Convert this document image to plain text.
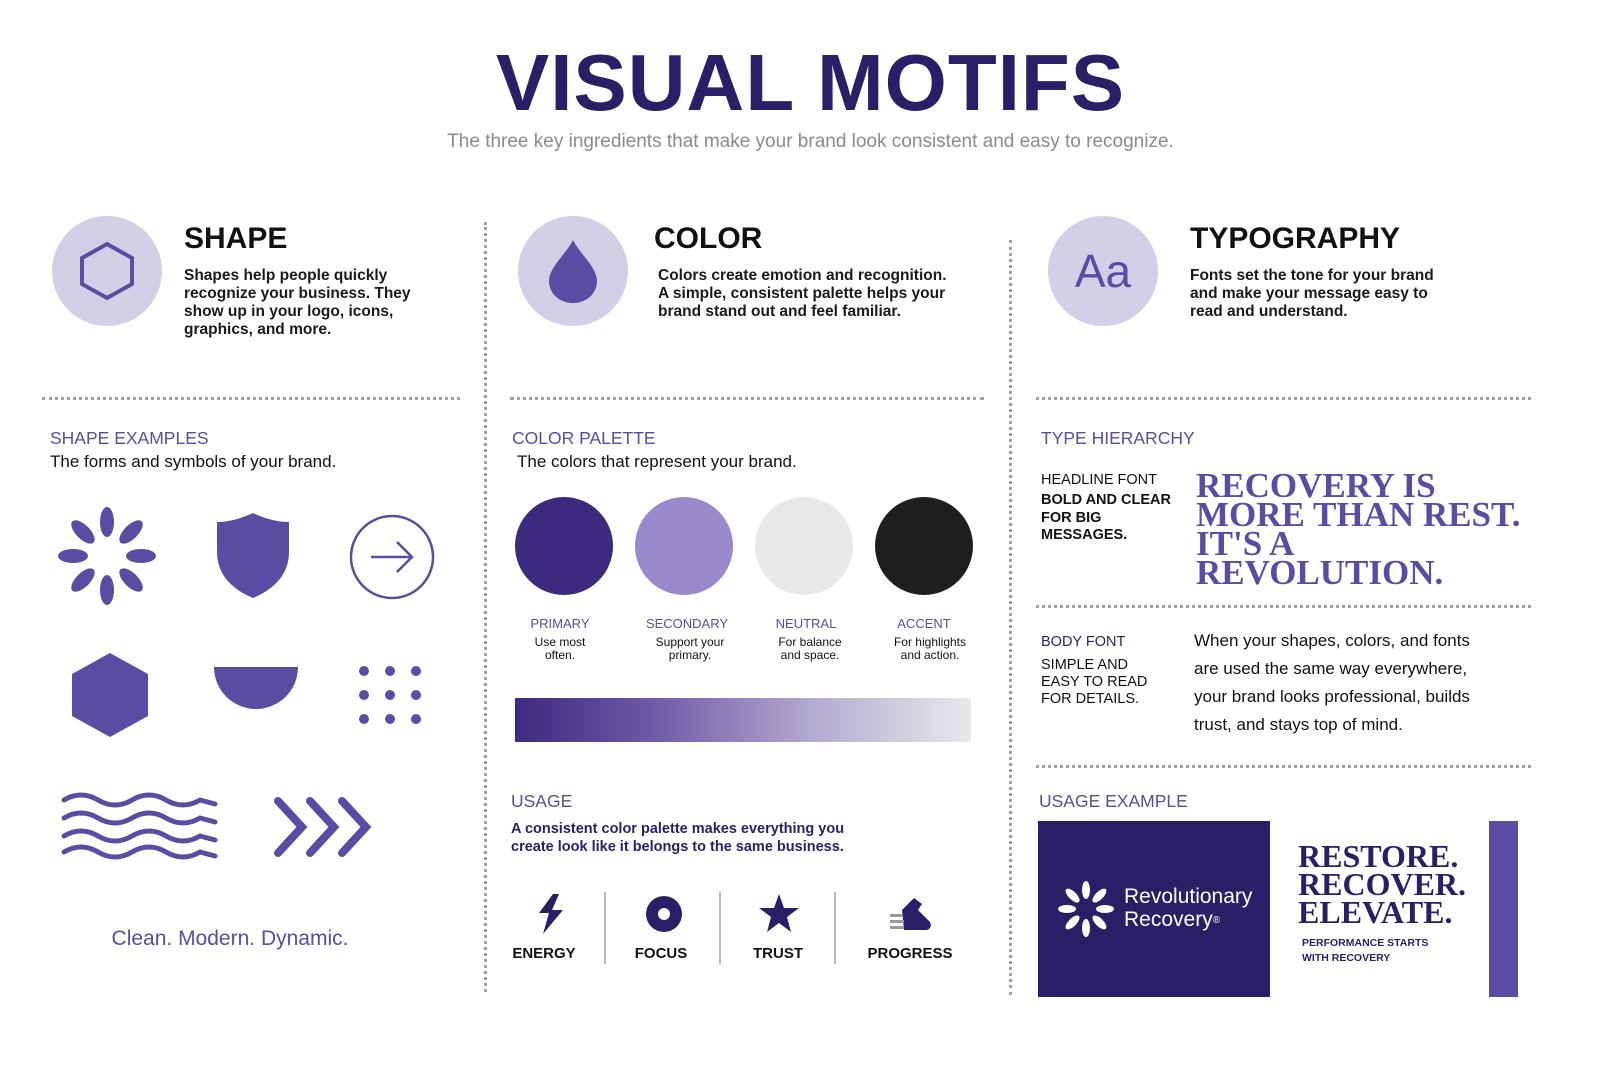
VISUAL MOTIFS
The three key ingredients that make your brand look consistent and easy to recognize.
SHAPE
Shapes help people quickly recognize your business. They show up in your logo, icons, graphics, and more.
SHAPE EXAMPLES
The forms and symbols of your brand.
Clean. Modern. Dynamic.
COLOR
Colors create emotion and recognition. A simple, consistent palette helps your brand stand out and feel familiar.
COLOR PALETTE
The colors that represent your brand.
PRIMARY	SECONDARY	NEUTRAL	ACCENT
Use most often.
Support your primary.
For balance and space.
For highlights and action.
USAGE
A consistent color palette makes everything you create look like it belongs to the same business.
ENERGY	FOCUS	TRUST	PROGRESS
Aa
TYPOGRAPHY
Fonts set the tone for your brand and make your message easy to read and understand.
TYPE HIERARCHY
HEADLINE FONT
BOLD AND CLEAR FOR BIG MESSAGES.
RECOVERY IS
MORE THAN REST.
IT'S A
REVOLUTION.
BODY FONT
SIMPLE AND EASY TO READ FOR DETAILS.
When your shapes, colors, and fonts are used the same way everywhere, your brand looks professional, builds trust, and stays top of mind.
USAGE EXAMPLE
Revolutionary
Recovery®
RESTORE.
RECOVER.
ELEVATE.
PERFORMANCE STARTS
WITH RECOVERY
